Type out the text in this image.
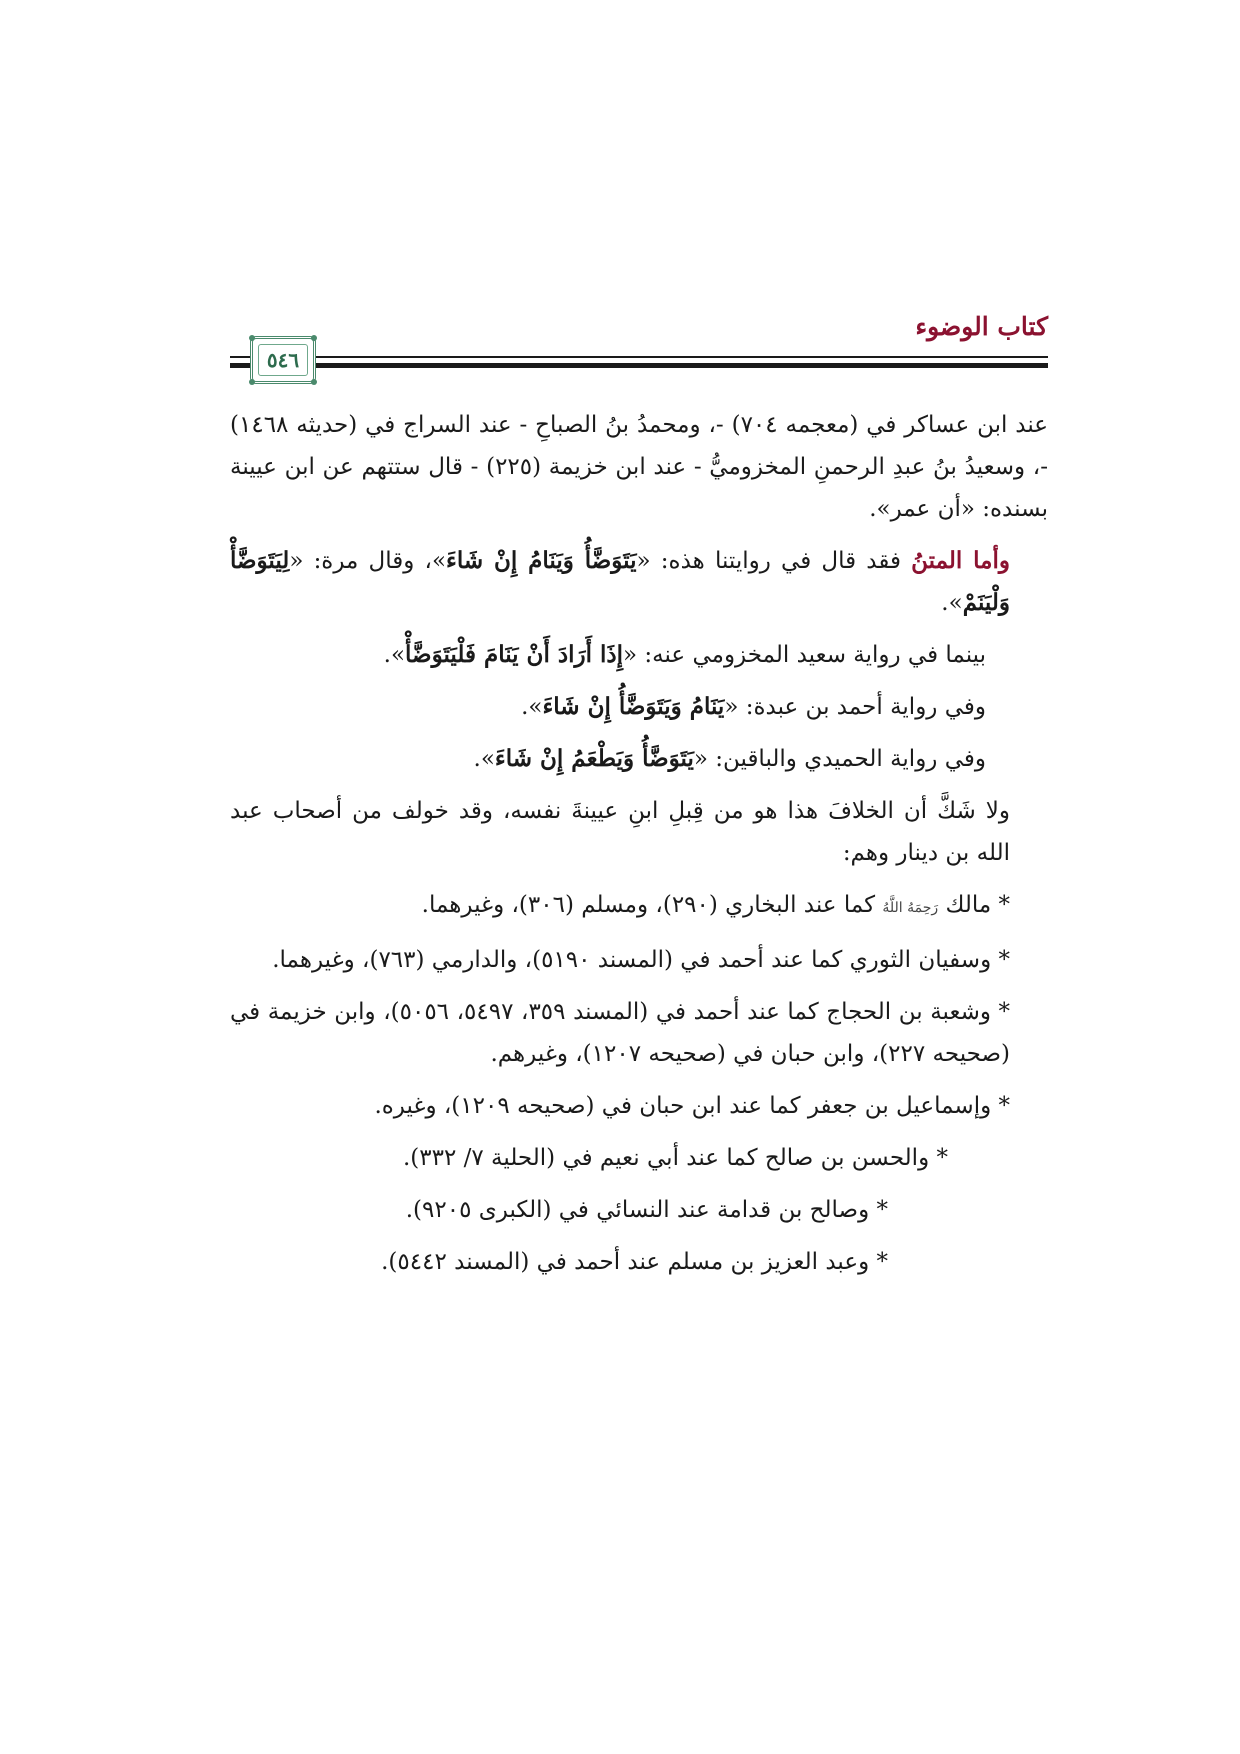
كتاب الوضوء
٥٤٦

عند ابن عساكر في (معجمه ٧٠٤) -، ومحمدُ بنُ الصباحِ - عند السراج في (حديثه ١٤٦٨) -، وسعيدُ بنُ عبدِ الرحمنِ المخزوميُّ - عند ابن خزيمة (٢٢٥) - قال ستتهم عن ابن عيينة بسنده: «أن عمر».

وأما المتنُ فقد قال في روايتنا هذه: «يَتَوَضَّأُ وَيَنَامُ إِنْ شَاءَ»، وقال مرة: «لِيَتَوَضَّأْ وَلْيَنَمْ».

بينما في رواية سعيد المخزومي عنه: «إِذَا أَرَادَ أَنْ يَنَامَ فَلْيَتَوَضَّأْ».

وفي رواية أحمد بن عبدة: «يَنَامُ وَيَتَوَضَّأُ إِنْ شَاءَ».

وفي رواية الحميدي والباقين: «يَتَوَضَّأُ وَيَطْعَمُ إِنْ شَاءَ».

ولا شَكَّ أن الخلافَ هذا هو من قِبلِ ابنِ عيينةَ نفسه، وقد خولف من أصحاب عبد الله بن دينار وهم:

* مالك رَحِمَهُ اللَّهُ كما عند البخاري (٢٩٠)، ومسلم (٣٠٦)، وغيرهما.

* وسفيان الثوري كما عند أحمد في (المسند ٥١٩٠)، والدارمي (٧٦٣)، وغيرهما.

* وشعبة بن الحجاج كما عند أحمد في (المسند ٣٥٩، ٥٤٩٧، ٥٠٥٦)، وابن خزيمة في (صحيحه ٢٢٧)، وابن حبان في (صحيحه ١٢٠٧)، وغيرهم.

* وإسماعيل بن جعفر كما عند ابن حبان في (صحيحه ١٢٠٩)، وغيره.

* والحسن بن صالح كما عند أبي نعيم في (الحلية ٧/ ٣٣٢).

* وصالح بن قدامة عند النسائي في (الكبرى ٩٢٠٥).

* وعبد العزيز بن مسلم عند أحمد في (المسند ٥٤٤٢).
